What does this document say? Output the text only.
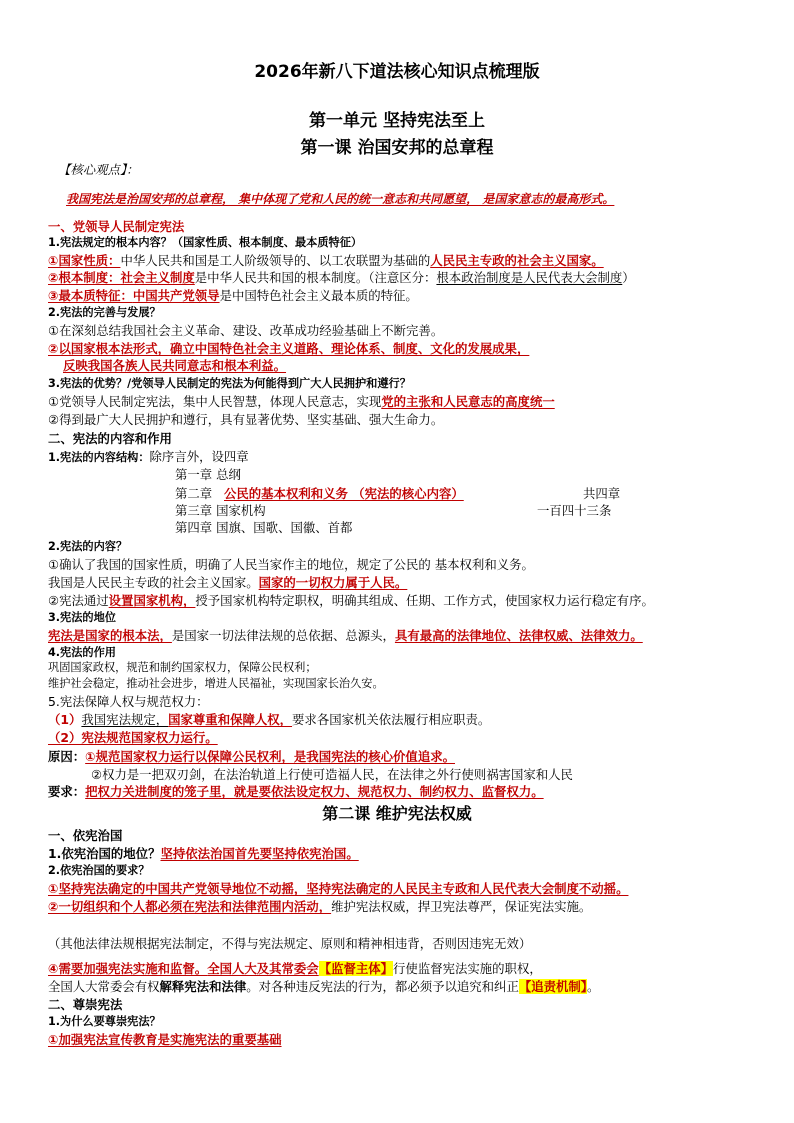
2026年新八下道法核心知识点梳理版
第一单元 坚持宪法至上
第一课 治国安邦的总章程
【核心观点】：
我国宪法是治国安邦的总章程， 集中体现了党和人民的统一意志和共同愿望， 是国家意志的最高形式。
一、党领导人民制定宪法
1.宪法规定的根本内容？（国家性质、根本制度、最本质特征）
①国家性质：中华人民共和国是工人阶级领导的、以工农联盟为基础的人民民主专政的社会主义国家。
②根本制度：社会主义制度是中华人民共和国的根本制度。（注意区分：根本政治制度是人民代表大会制度）
③最本质特征：中国共产党领导是中国特色社会主义最本质的特征。
2.宪法的完善与发展？
①在深刻总结我国社会主义革命、建设、改革成功经验基础上不断完善。
②以国家根本法形式，确立中国特色社会主义道路、理论体系、制度、文化的发展成果，
反映我国各族人民共同意志和根本利益。
3.宪法的优势？/党领导人民制定的宪法为何能得到广大人民拥护和遵行？
①党领导人民制定宪法，集中人民智慧，体现人民意志，实现党的主张和人民意志的高度统一
②得到最广大人民拥护和遵行，具有显著优势、坚实基础、强大生命力。
二、宪法的内容和作用
1.宪法的内容结构：除序言外，设四章
第一章 总纲
第二章 公民的基本权利和义务 （宪法的核心内容）	共四章
第三章 国家机构	一百四十三条
第四章 国旗、国歌、国徽、首都
2.宪法的内容？
①确认了我国的国家性质，明确了人民当家作主的地位，规定了公民的 基本权利和义务。
我国是人民民主专政的社会主义国家。国家的一切权力属于人民。
②宪法通过设置国家机构，授予国家机构特定职权，明确其组成、任期、工作方式，使国家权力运行稳定有序。
3.宪法的地位
宪法是国家的根本法，是国家一切法律法规的总依据、总源头，具有最高的法律地位、法律权威、法律效力。
4.宪法的作用
巩固国家政权，规范和制约国家权力，保障公民权利；
维护社会稳定，推动社会进步，增进人民福祉，实现国家长治久安。
5.宪法保障人权与规范权力：
（1）我国宪法规定，国家尊重和保障人权，要求各国家机关依法履行相应职责。
（2）宪法规范国家权力运行。
原因：①规范国家权力运行以保障公民权利，是我国宪法的核心价值追求。
②权力是一把双刃剑，在法治轨道上行使可造福人民，在法律之外行使则祸害国家和人民
要求：把权力关进制度的笼子里，就是要依法设定权力、规范权力、制约权力、监督权力。
第二课 维护宪法权威
一、依宪治国
1.依宪治国的地位？坚持依法治国首先要坚持依宪治国。
2.依宪治国的要求？
①坚持宪法确定的中国共产党领导地位不动摇，坚持宪法确定的人民民主专政和人民代表大会制度不动摇。
②一切组织和个人都必须在宪法和法律范围内活动，维护宪法权威，捍卫宪法尊严，保证宪法实施。
（其他法律法规根据宪法制定，不得与宪法规定、原则和精神相违背，否则因违宪无效）
④需要加强宪法实施和监督。全国人大及其常委会【监督主体】行使监督宪法实施的职权，
全国人大常委会有权解释宪法和法律。对各种违反宪法的行为，都必须予以追究和纠正【追责机制】。
二、尊崇宪法
1.为什么要尊崇宪法？
①加强宪法宣传教育是实施宪法的重要基础
